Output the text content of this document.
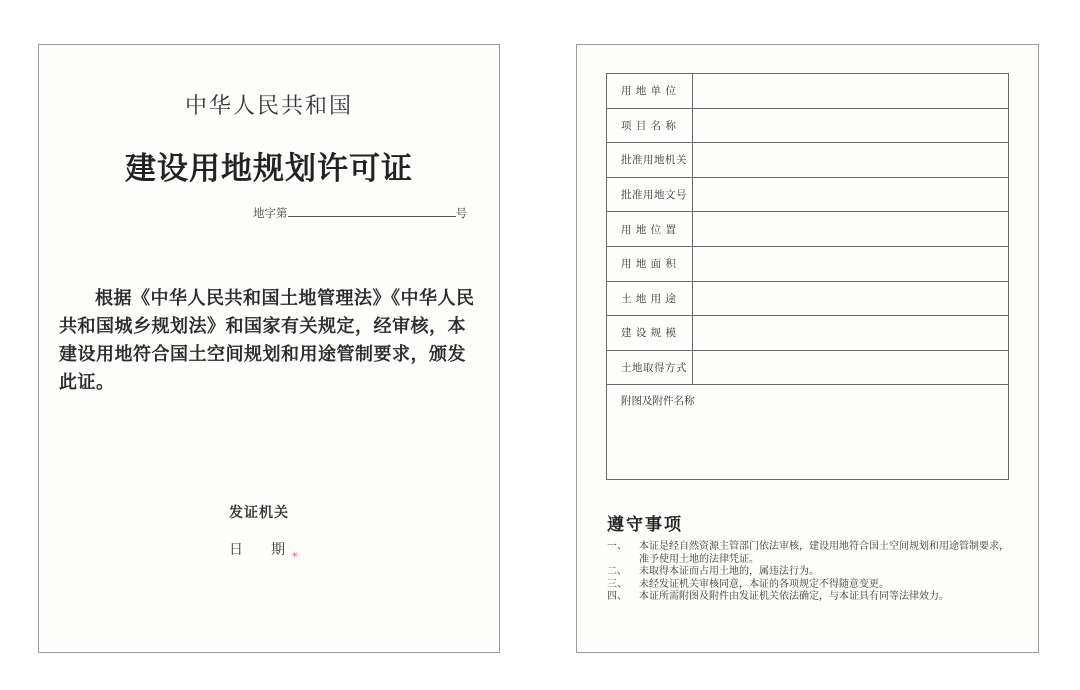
中华人民共和国
建设用地规划许可证
地字第	号
根据《中华人民共和国土地管理法》《中华人民共和国城乡规划法》和国家有关规定，经审核，本建设用地符合国土空间规划和用途管制要求，颁发此证。
发证机关
日 期 ✳
用 地 单 位	
项 目 名 称	
批准用地机关	
批准用地文号	
用 地 位 置	
用 地 面 积	
土 地 用 途	
建 设 规 模	
土地取得方式	
附图及附件名称	
遵守事项
一、	本证是经自然资源主管部门依法审核，建设用地符合国土空间规划和用途管制要求，准予使用土地的法律凭证。
二、	未取得本证而占用土地的，属违法行为。
三、	未经发证机关审核同意，本证的各项规定不得随意变更。
四、	本证所需附图及附件由发证机关依法确定，与本证具有同等法律效力。
